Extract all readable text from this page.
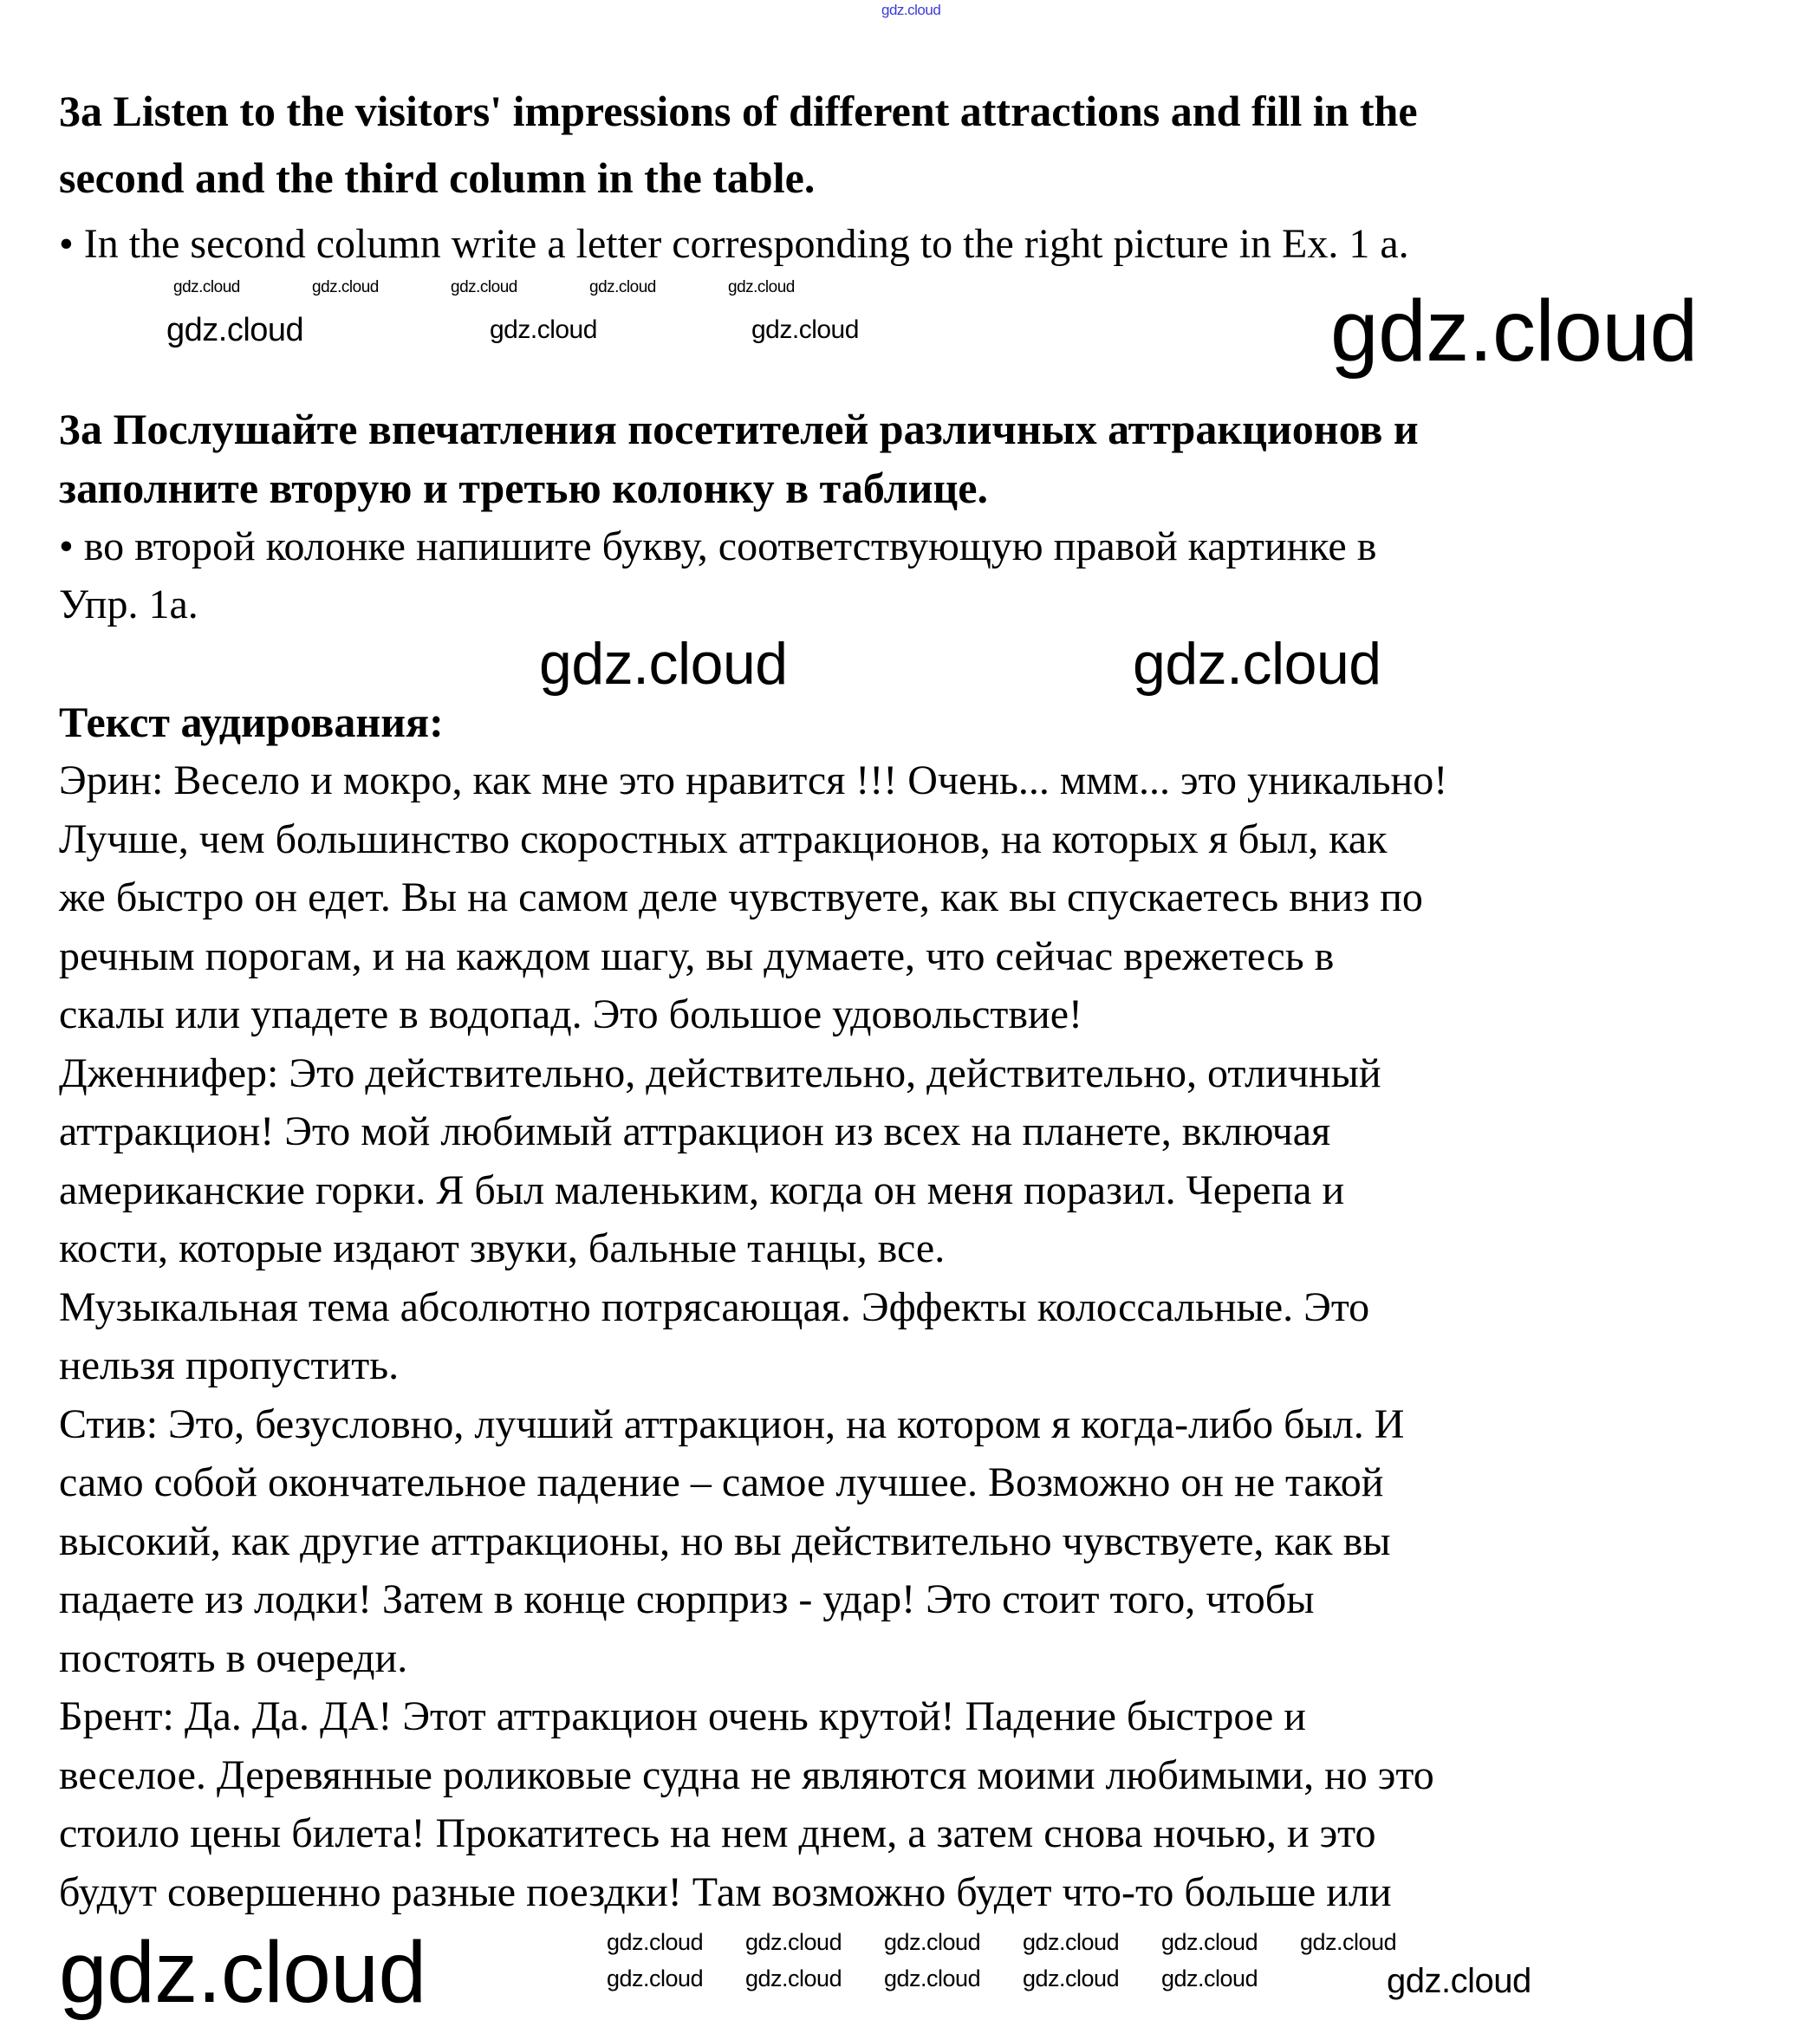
gdz.cloud
3a Listen to the visitors' impressions of different attractions and fill in the
second and the third column in the table.
• In the second column write a letter corresponding to the right picture in Ex. 1 a.
3a Послушайте впечатления посетителей различных аттракционов и
заполните вторую и третью колонку в таблице.
• во второй колонке напишите букву, соответствующую правой картинке в
Упр. 1а.
Текст аудирования:
Эрин: Весело и мокро, как мне это нравится !!! Очень... ммм... это уникально!
Лучше, чем большинство скоростных аттракционов, на которых я был, как
же быстро он едет. Вы на самом деле чувствуете, как вы спускаетесь вниз по
речным порогам, и на каждом шагу, вы думаете, что сейчас врежетесь в
скалы или упадете в водопад. Это большое удовольствие!
Дженнифер: Это действительно, действительно, действительно, отличный
аттракцион! Это мой любимый аттракцион из всех на планете, включая
американские горки. Я был маленьким, когда он меня поразил. Черепа и
кости, которые издают звуки, бальные танцы, все.
Музыкальная тема абсолютно потрясающая. Эффекты колоссальные. Это
нельзя пропустить.
Стив: Это, безусловно, лучший аттракцион, на котором я когда-либо был. И
само собой окончательное падение – самое лучшее. Возможно он не такой
высокий, как другие аттракционы, но вы действительно чувствуете, как вы
падаете из лодки! Затем в конце сюрприз - удар! Это стоит того, чтобы
постоять в очереди.
Брент: Да. Да. ДА! Этот аттракцион очень крутой! Падение быстрое и
веселое. Деревянные роликовые судна не являются моими любимыми, но это
стоило цены билета! Прокатитесь на нем днем, а затем снова ночью, и это
будут совершенно разные поездки! Там возможно будет что-то больше или
gdz.cloud	gdz.cloud	gdz.cloud	gdz.cloud	gdz.cloud
gdz.cloud	gdz.cloud	gdz.cloud	gdz.cloud
gdz.cloud	gdz.cloud
gdz.cloud	gdz.cloud gdz.cloud gdz.cloud gdz.cloud gdz.cloud gdz.cloud
gdz.cloud gdz.cloud gdz.cloud gdz.cloud gdz.cloud	gdz.cloud
